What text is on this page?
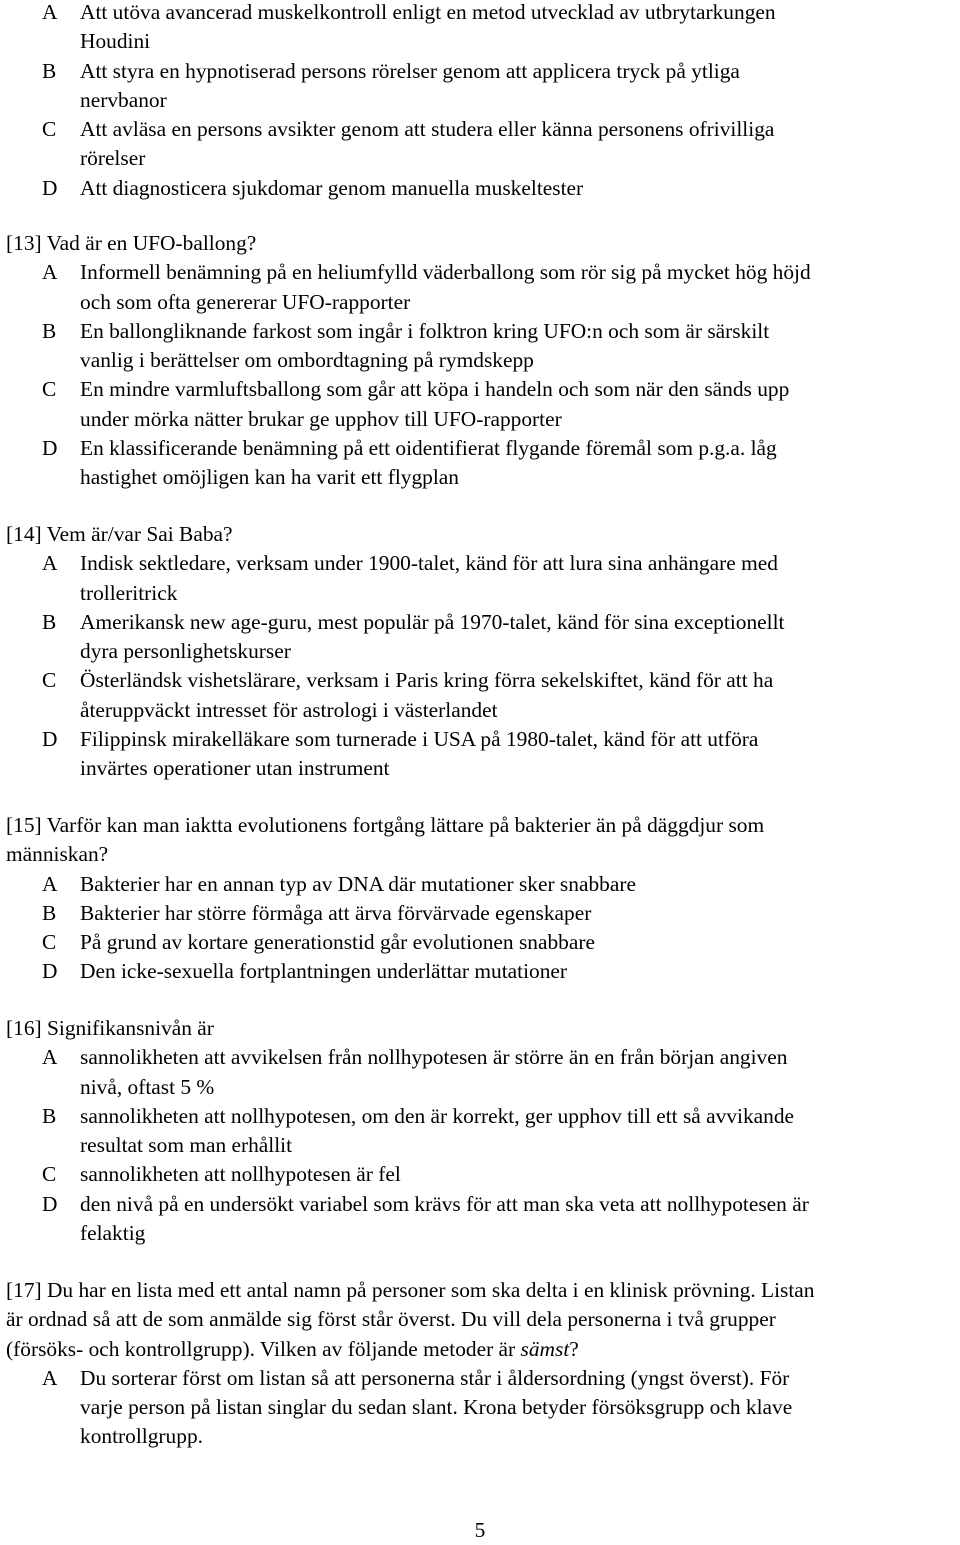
A Att utöva avancerad muskelkontroll enligt en metod utvecklad av utbrytarkungen
Houdini
B Att styra en hypnotiserad persons rörelser genom att applicera tryck på ytliga
nervbanor
C Att avläsa en persons avsikter genom att studera eller känna personens ofrivilliga
rörelser
D Att diagnosticera sjukdomar genom manuella muskeltester
[13] Vad är en UFO-ballong?
A Informell benämning på en heliumfylld väderballong som rör sig på mycket hög höjd
och som ofta genererar UFO-rapporter
B En ballongliknande farkost som ingår i folktron kring UFO:n och som är särskilt
vanlig i berättelser om ombordtagning på rymdskepp
C En mindre varmluftsballong som går att köpa i handeln och som när den sänds upp
under mörka nätter brukar ge upphov till UFO-rapporter
D En klassificerande benämning på ett oidentifierat flygande föremål som p.g.a. låg
hastighet omöjligen kan ha varit ett flygplan
[14] Vem är/var Sai Baba?
A Indisk sektledare, verksam under 1900-talet, känd för att lura sina anhängare med
trolleritrick
B Amerikansk new age-guru, mest populär på 1970-talet, känd för sina exceptionellt
dyra personlighetskurser
C Österländsk vishetslärare, verksam i Paris kring förra sekelskiftet, känd för att ha
återuppväckt intresset för astrologi i västerlandet
D Filippinsk mirakelläkare som turnerade i USA på 1980-talet, känd för att utföra
invärtes operationer utan instrument
[15] Varför kan man iaktta evolutionens fortgång lättare på bakterier än på däggdjur som
människan?
A Bakterier har en annan typ av DNA där mutationer sker snabbare
B Bakterier har större förmåga att ärva förvärvade egenskaper
C På grund av kortare generationstid går evolutionen snabbare
D Den icke-sexuella fortplantningen underlättar mutationer
[16] Signifikansnivån är
A sannolikheten att avvikelsen från nollhypotesen är större än en från början angiven
nivå, oftast 5 %
B sannolikheten att nollhypotesen, om den är korrekt, ger upphov till ett så avvikande
resultat som man erhållit
C sannolikheten att nollhypotesen är fel
D den nivå på en undersökt variabel som krävs för att man ska veta att nollhypotesen är
felaktig
[17] Du har en lista med ett antal namn på personer som ska delta i en klinisk prövning. Listan
är ordnad så att de som anmälde sig först står överst. Du vill dela personerna i två grupper
(försöks- och kontrollgrupp). Vilken av följande metoder är sämst?
A Du sorterar först om listan så att personerna står i åldersordning (yngst överst). För
varje person på listan singlar du sedan slant. Krona betyder försöksgrupp och klave
kontrollgrupp.
5
